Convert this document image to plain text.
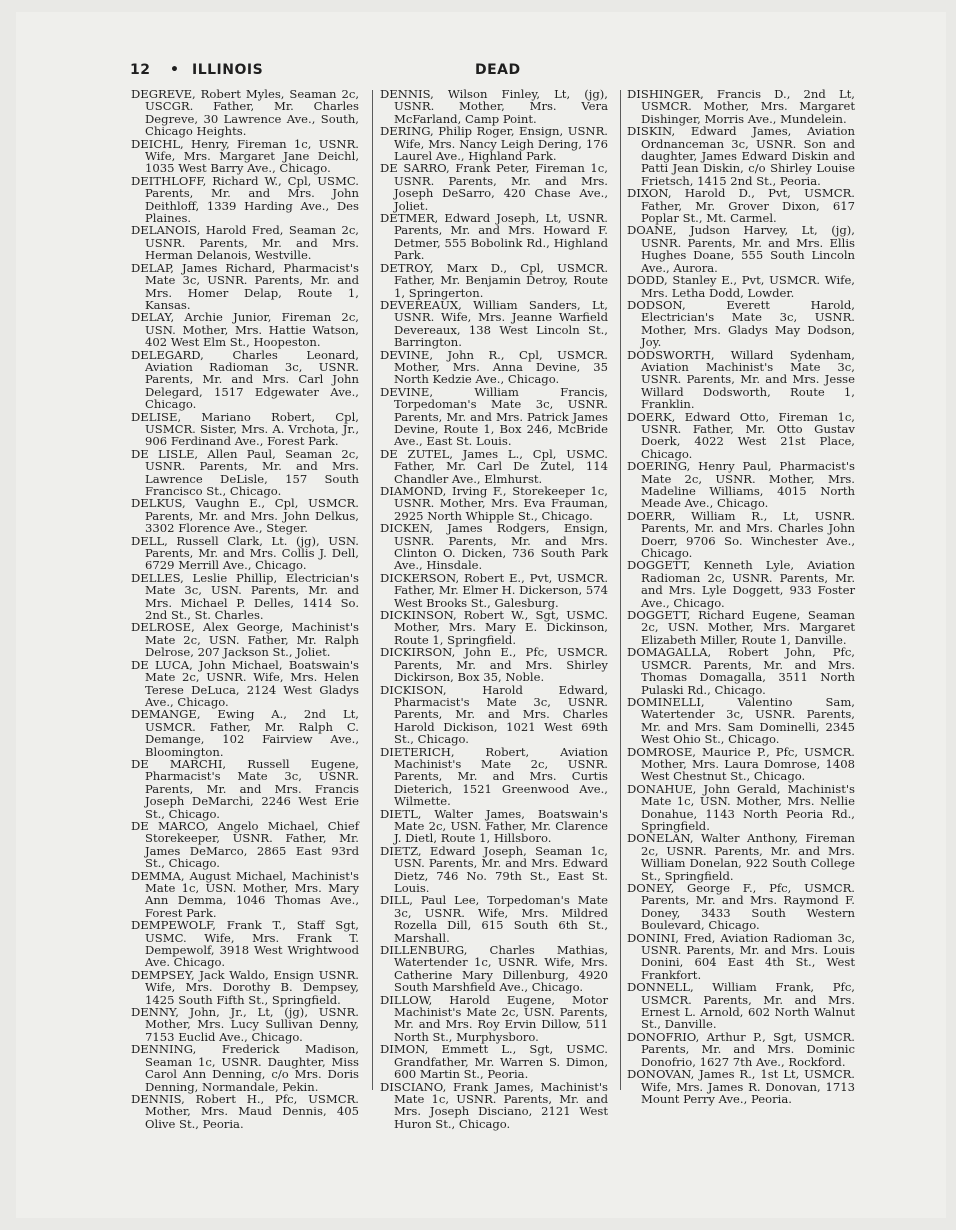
12 • ILLINOIS	DEAD
DEGREVE, Robert Myles, Seaman 2c, USCGR. Father, Mr. Charles Degreve, 30 Lawrence Ave., South, Chicago Heights.
DEICHL, Henry, Fireman 1c, USNR. Wife, Mrs. Margaret Jane Deichl, 1035 West Barry Ave., Chicago.
DEITHLOFF, Richard W., Cpl, USMC. Parents, Mr. and Mrs. John Deithloff, 1339 Harding Ave., Des Plaines.
DELANOIS, Harold Fred, Seaman 2c, USNR. Parents, Mr. and Mrs. Herman Delanois, Westville.
DELAP, James Richard, Pharmacist's Mate 3c, USNR. Parents, Mr. and Mrs. Homer Delap, Route 1, Kansas.
DELAY, Archie Junior, Fireman 2c, USN. Mother, Mrs. Hattie Watson, 402 West Elm St., Hoopeston.
DELEGARD, Charles Leonard, Aviation Radioman 3c, USNR. Parents, Mr. and Mrs. Carl John Delegard, 1517 Edgewater Ave., Chicago.
DELISE, Mariano Robert, Cpl, USMCR. Sister, Mrs. A. Vrchota, Jr., 906 Ferdinand Ave., Forest Park.
DE LISLE, Allen Paul, Seaman 2c, USNR. Parents, Mr. and Mrs. Lawrence DeLisle, 157 South Francisco St., Chicago.
DELKUS, Vaughn E., Cpl, USMCR. Parents, Mr. and Mrs. John Delkus, 3302 Florence Ave., Steger.
DELL, Russell Clark, Lt. (jg), USN. Parents, Mr. and Mrs. Collis J. Dell, 6729 Merrill Ave., Chicago.
DELLES, Leslie Phillip, Electrician's Mate 3c, USN. Parents, Mr. and Mrs. Michael P. Delles, 1414 So. 2nd St., St. Charles.
DELROSE, Alex George, Machinist's Mate 2c, USN. Father, Mr. Ralph Delrose, 207 Jackson St., Joliet.
DE LUCA, John Michael, Boatswain's Mate 2c, USNR. Wife, Mrs. Helen Terese DeLuca, 2124 West Gladys Ave., Chicago.
DEMANGE, Ewing A., 2nd Lt, USMCR. Father, Mr. Ralph C. Demange, 102 Fairview Ave., Bloomington.
DE MARCHI, Russell Eugene, Pharmacist's Mate 3c, USNR. Parents, Mr. and Mrs. Francis Joseph DeMarchi, 2246 West Erie St., Chicago.
DE MARCO, Angelo Michael, Chief Storekeeper, USNR. Father, Mr. James DeMarco, 2865 East 93rd St., Chicago.
DEMMA, August Michael, Machinist's Mate 1c, USN. Mother, Mrs. Mary Ann Demma, 1046 Thomas Ave., Forest Park.
DEMPEWOLF, Frank T., Staff Sgt, USMC. Wife, Mrs. Frank T. Dempewolf, 3918 West Wrightwood Ave. Chicago.
DEMPSEY, Jack Waldo, Ensign USNR. Wife, Mrs. Dorothy B. Dempsey, 1425 South Fifth St., Springfield.
DENNY, John, Jr., Lt, (jg), USNR. Mother, Mrs. Lucy Sullivan Denny, 7153 Euclid Ave., Chicago.
DENNING, Frederick Madison, Seaman 1c, USNR. Daughter, Miss Carol Ann Denning, c/o Mrs. Doris Denning, Normandale, Pekin.
DENNIS, Robert H., Pfc, USMCR. Mother, Mrs. Maud Dennis, 405 Olive St., Peoria.
DENNIS, Wilson Finley, Lt, (jg), USNR. Mother, Mrs. Vera McFarland, Camp Point.
DERING, Philip Roger, Ensign, USNR. Wife, Mrs. Nancy Leigh Dering, 176 Laurel Ave., Highland Park.
DE SARRO, Frank Peter, Fireman 1c, USNR. Parents, Mr. and Mrs. Joseph DeSarro, 420 Chase Ave., Joliet.
DETMER, Edward Joseph, Lt, USNR. Parents, Mr. and Mrs. Howard F. Detmer, 555 Bobolink Rd., Highland Park.
DETROY, Marx D., Cpl, USMCR. Father, Mr. Benjamin Detroy, Route 1, Springerton.
DEVEREAUX, William Sanders, Lt, USNR. Wife, Mrs. Jeanne Warfield Devereaux, 138 West Lincoln St., Barrington.
DEVINE, John R., Cpl, USMCR. Mother, Mrs. Anna Devine, 35 North Kedzie Ave., Chicago.
DEVINE, William Francis, Torpedoman's Mate 3c, USNR. Parents, Mr. and Mrs. Patrick James Devine, Route 1, Box 246, McBride Ave., East St. Louis.
DE ZUTEL, James L., Cpl, USMC. Father, Mr. Carl De Zutel, 114 Chandler Ave., Elmhurst.
DIAMOND, Irving F., Storekeeper 1c, USNR. Mother, Mrs. Eva Frauman, 2925 North Whipple St., Chicago.
DICKEN, James Rodgers, Ensign, USNR. Parents, Mr. and Mrs. Clinton O. Dicken, 736 South Park Ave., Hinsdale.
DICKERSON, Robert E., Pvt, USMCR. Father, Mr. Elmer H. Dickerson, 574 West Brooks St., Galesburg.
DICKINSON, Robert W., Sgt, USMC. Mother, Mrs. Mary E. Dickinson, Route 1, Springfield.
DICKIRSON, John E., Pfc, USMCR. Parents, Mr. and Mrs. Shirley Dickirson, Box 35, Noble.
DICKISON, Harold Edward, Pharmacist's Mate 3c, USNR. Parents, Mr. and Mrs. Charles Harold Dickison, 1021 West 69th St., Chicago.
DIETERICH, Robert, Aviation Machinist's Mate 2c, USNR. Parents, Mr. and Mrs. Curtis Dieterich, 1521 Greenwood Ave., Wilmette.
DIETL, Walter James, Boatswain's Mate 2c, USN. Father, Mr. Clarence J. Dietl, Route 1, Hillsboro.
DIETZ, Edward Joseph, Seaman 1c, USN. Parents, Mr. and Mrs. Edward Dietz, 746 No. 79th St., East St. Louis.
DILL, Paul Lee, Torpedoman's Mate 3c, USNR. Wife, Mrs. Mildred Rozella Dill, 615 South 6th St., Marshall.
DILLENBURG, Charles Mathias, Watertender 1c, USNR. Wife, Mrs. Catherine Mary Dillenburg, 4920 South Marshfield Ave., Chicago.
DILLOW, Harold Eugene, Motor Machinist's Mate 2c, USN. Parents, Mr. and Mrs. Roy Ervin Dillow, 511 North St., Murphysboro.
DIMON, Emmett L., Sgt, USMC. Grandfather, Mr. Warren S. Dimon, 600 Martin St., Peoria.
DISCIANO, Frank James, Machinist's Mate 1c, USNR. Parents, Mr. and Mrs. Joseph Disciano, 2121 West Huron St., Chicago.
DISHINGER, Francis D., 2nd Lt, USMCR. Mother, Mrs. Margaret Dishinger, Morris Ave., Mundelein.
DISKIN, Edward James, Aviation Ordnanceman 3c, USNR. Son and daughter, James Edward Diskin and Patti Jean Diskin, c/o Shirley Louise Frietsch, 1415 2nd St., Peoria.
DIXON, Harold D., Pvt, USMCR. Father, Mr. Grover Dixon, 617 Poplar St., Mt. Carmel.
DOANE, Judson Harvey, Lt, (jg), USNR. Parents, Mr. and Mrs. Ellis Hughes Doane, 555 South Lincoln Ave., Aurora.
DODD, Stanley E., Pvt, USMCR. Wife, Mrs. Letha Dodd, Lowder.
DODSON, Everett Harold, Electrician's Mate 3c, USNR. Mother, Mrs. Gladys May Dodson, Joy.
DODSWORTH, Willard Sydenham, Aviation Machinist's Mate 3c, USNR. Parents, Mr. and Mrs. Jesse Willard Dodsworth, Route 1, Franklin.
DOERK, Edward Otto, Fireman 1c, USNR. Father, Mr. Otto Gustav Doerk, 4022 West 21st Place, Chicago.
DOERING, Henry Paul, Pharmacist's Mate 2c, USNR. Mother, Mrs. Madeline Williams, 4015 North Meade Ave., Chicago.
DOERR, William R., Lt, USNR. Parents, Mr. and Mrs. Charles John Doerr, 9706 So. Winchester Ave., Chicago.
DOGGETT, Kenneth Lyle, Aviation Radioman 2c, USNR. Parents, Mr. and Mrs. Lyle Doggett, 933 Foster Ave., Chicago.
DOGGETT, Richard Eugene, Seaman 2c, USN. Mother, Mrs. Margaret Elizabeth Miller, Route 1, Danville.
DOMAGALLA, Robert John, Pfc, USMCR. Parents, Mr. and Mrs. Thomas Domagalla, 3511 North Pulaski Rd., Chicago.
DOMINELLI, Valentino Sam, Watertender 3c, USNR. Parents, Mr. and Mrs. Sam Dominelli, 2345 West Ohio St., Chicago.
DOMROSE, Maurice P., Pfc, USMCR. Mother, Mrs. Laura Domrose, 1408 West Chestnut St., Chicago.
DONAHUE, John Gerald, Machinist's Mate 1c, USN. Mother, Mrs. Nellie Donahue, 1143 North Peoria Rd., Springfield.
DONELAN, Walter Anthony, Fireman 2c, USNR. Parents, Mr. and Mrs. William Donelan, 922 South College St., Springfield.
DONEY, George F., Pfc, USMCR. Parents, Mr. and Mrs. Raymond F. Doney, 3433 South Western Boulevard, Chicago.
DONINI, Fred, Aviation Radioman 3c, USNR. Parents, Mr. and Mrs. Louis Donini, 604 East 4th St., West Frankfort.
DONNELL, William Frank, Pfc, USMCR. Parents, Mr. and Mrs. Ernest L. Arnold, 602 North Walnut St., Danville.
DONOFRIO, Arthur P., Sgt, USMCR. Parents, Mr. and Mrs. Dominic Donofrio, 1627 7th Ave., Rockford.
DONOVAN, James R., 1st Lt, USMCR. Wife, Mrs. James R. Donovan, 1713 Mount Perry Ave., Peoria.
